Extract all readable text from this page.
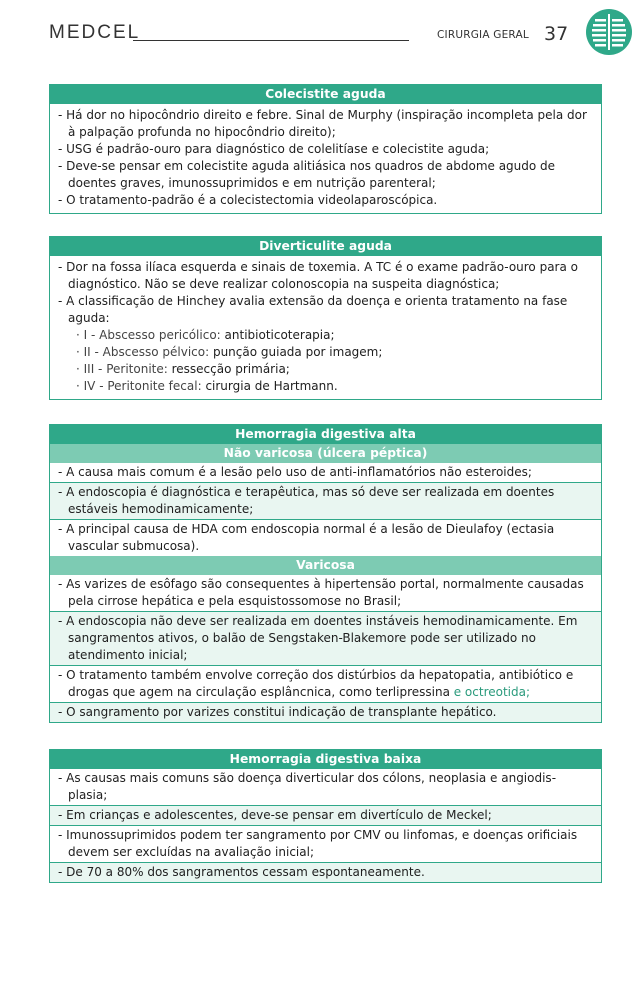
MEDCEL	CIRURGIA GERAL 37
Colecistite aguda

- Há dor no hipocôndrio direito e febre. Sinal de Murphy (inspiração incompleta pela dor à palpação profunda no hipocôndrio direito);

- USG é padrão-ouro para diagnóstico de colelitíase e colecistite aguda;

- Deve-se pensar em colecistite aguda alitiásica nos quadros de abdome agudo de doentes graves, imunossuprimidos e em nutrição parenteral;

- O tratamento-padrão é a colecistectomia videolaparoscópica.

Diverticulite aguda

- Dor na fossa ilíaca esquerda e sinais de toxemia. A TC é o exame padrão-ouro para o diagnóstico. Não se deve realizar colonoscopia na suspeita diagnóstica;

- A classificação de Hinchey avalia extensão da doença e orienta tratamento na fase aguda:

· I - Abscesso pericólico: antibioticoterapia;

· II - Abscesso pélvico: punção guiada por imagem;

· III - Peritonite: ressecção primária;

· IV - Peritonite fecal: cirurgia de Hartmann.

Hemorragia digestiva alta
Não varicosa (úlcera péptica)
- A causa mais comum é a lesão pelo uso de anti-inflamatórios não esteroides;
- A endoscopia é diagnóstica e terapêutica, mas só deve ser realizada em doentes estáveis hemodinamicamente;
- A principal causa de HDA com endoscopia normal é a lesão de Dieulafoy (ectasia vascular submucosa).
Varicosa
- As varizes de esôfago são consequentes à hipertensão portal, normalmente causadas pela cirrose hepática e pela esquistossomose no Brasil;
- A endoscopia não deve ser realizada em doentes instáveis hemodinamicamente. Em sangramentos ativos, o balão de Sengstaken-Blakemore pode ser utilizado no atendimento inicial;
- O tratamento também envolve correção dos distúrbios da hepatopatia, antibiótico e drogas que agem na circulação esplâncnica, como terlipressina e octreotida;
- O sangramento por varizes constitui indicação de transplante hepático.
Hemorragia digestiva baixa
- As causas mais comuns são doença diverticular dos cólons, neoplasia e angiodis-plasia;
- Em crianças e adolescentes, deve-se pensar em divertículo de Meckel;
- Imunossuprimidos podem ter sangramento por CMV ou linfomas, e doenças orificiais devem ser excluídas na avaliação inicial;
- De 70 a 80% dos sangramentos cessam espontaneamente.
